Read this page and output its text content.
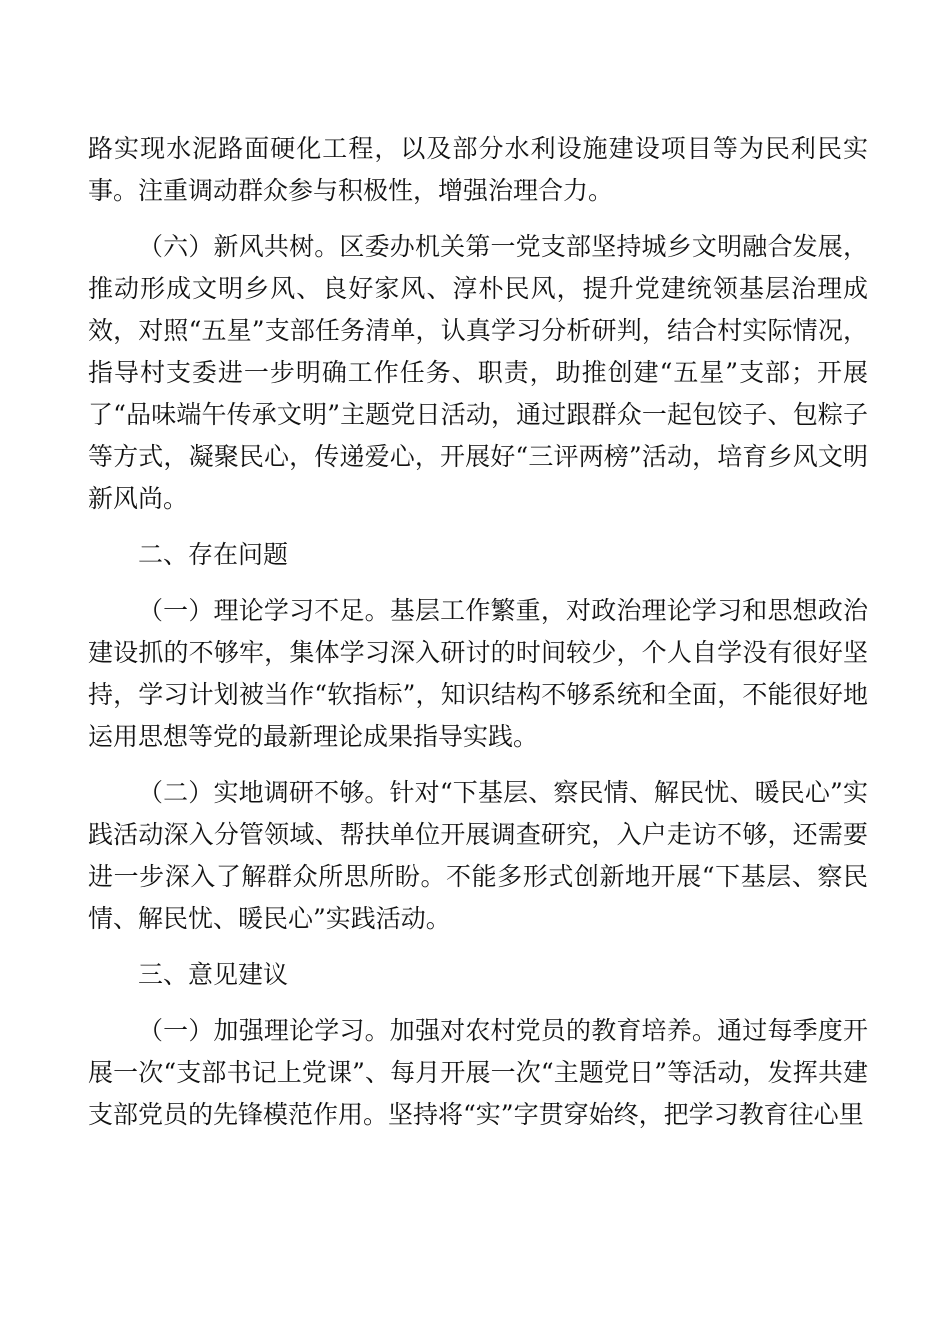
路实现水泥路面硬化工程，以及部分水利设施建设项目等为民利民实事。注重调动群众参与积极性，增强治理合力。

（六）新风共树。区委办机关第一党支部坚持城乡文明融合发展，推动形成文明乡风、良好家风、淳朴民风，提升党建统领基层治理成效，对照“五星”支部任务清单，认真学习分析研判，结合村实际情况，指导村支委进一步明确工作任务、职责，助推创建“五星”支部；开展了“品味端午传承文明”主题党日活动，通过跟群众一起包饺子、包粽子等方式，凝聚民心，传递爱心，开展好“三评两榜”活动，培育乡风文明新风尚。

二、存在问题

（一）理论学习不足。基层工作繁重，对政治理论学习和思想政治建设抓的不够牢，集体学习深入研讨的时间较少，个人自学没有很好坚持，学习计划被当作“软指标”，知识结构不够系统和全面，不能很好地运用思想等党的最新理论成果指导实践。

（二）实地调研不够。针对“下基层、察民情、解民忧、暖民心”实践活动深入分管领域、帮扶单位开展调查研究，入户走访不够，还需要进一步深入了解群众所思所盼。不能多形式创新地开展“下基层、察民情、解民忧、暖民心”实践活动。

三、意见建议

（一）加强理论学习。加强对农村党员的教育培养。通过每季度开展一次“支部书记上党课”、每月开展一次“主题党日”等活动，发挥共建支部党员的先锋模范作用。坚持将“实”字贯穿始终，把学习教育往心里
